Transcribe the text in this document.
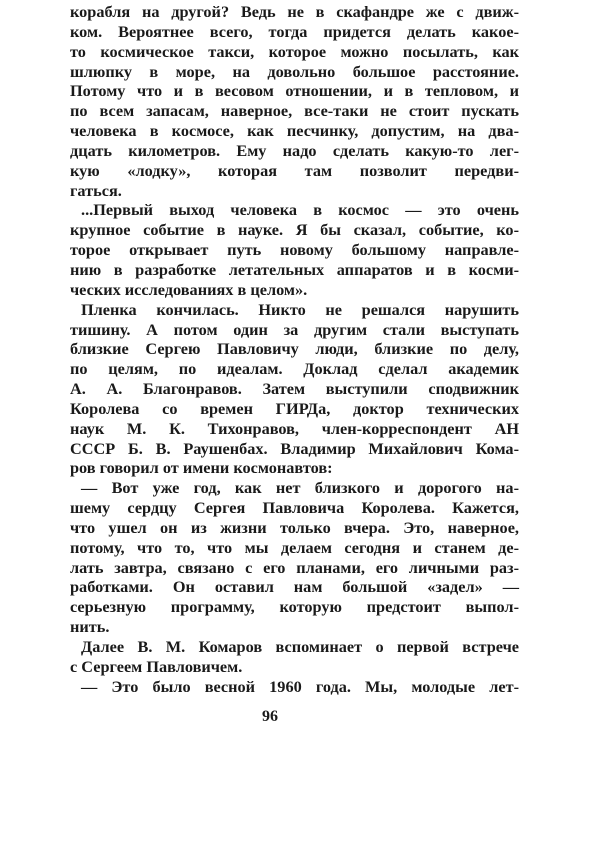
корабля на другой? Ведь не в скафандре же с движ-
ком. Вероятнее всего, тогда придется делать какое-
то космическое такси, которое можно посылать, как
шлюпку в море, на довольно большое расстояние.
Потому что и в весовом отношении, и в тепловом, и
по всем запасам, наверное, все-таки не стоит пускать
человека в космосе, как песчинку, допустим, на два-
дцать километров. Ему надо сделать какую-то лег-
кую «лодку», которая там позволит передви-
гаться.
...Первый выход человека в космос — это очень
крупное событие в науке. Я бы сказал, событие, ко-
торое открывает путь новому большому направле-
нию в разработке летательных аппаратов и в косми-
ческих исследованиях в целом».
Пленка кончилась. Никто не решался нарушить
тишину. А потом один за другим стали выступать
близкие Сергею Павловичу люди, близкие по делу,
по целям, по идеалам. Доклад сделал академик
А. А. Благонравов. Затем выступили сподвижник
Королева со времен ГИРДа, доктор технических
наук М. К. Тихонравов, член-корреспондент АН
СССР Б. В. Раушенбах. Владимир Михайлович Кома-
ров говорил от имени космонавтов:
— Вот уже год, как нет близкого и дорогого на-
шему сердцу Сергея Павловича Королева. Кажется,
что ушел он из жизни только вчера. Это, наверное,
потому, что то, что мы делаем сегодня и станем де-
лать завтра, связано с его планами, его личными раз-
работками. Он оставил нам большой «задел» —
серьезную программу, которую предстоит выпол-
нить.
Далее В. М. Комаров вспоминает о первой встрече
с Сергеем Павловичем.
— Это было весной 1960 года. Мы, молодые лет-
96
